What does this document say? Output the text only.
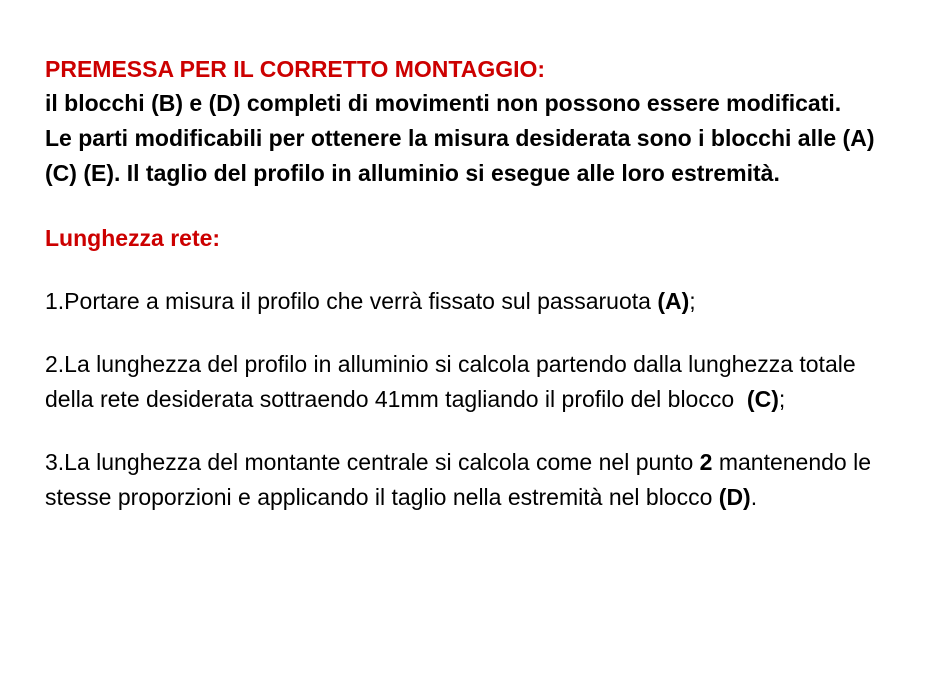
PREMESSA PER IL CORRETTO MONTAGGIO:

il blocchi (B) e (D) completi di movimenti non possono essere modificati.

Le parti modificabili per ottenere la misura desiderata sono i blocchi alle (A) (C) (E). Il taglio del profilo in alluminio si esegue alle loro estremità.

Lunghezza rete:

1.Portare a misura il profilo che verrà fissato sul passaruota (A);

2.La lunghezza del profilo in alluminio si calcola partendo dalla lunghezza totale della rete desiderata sottraendo 41mm tagliando il profilo del blocco  (C);

3.La lunghezza del montante centrale si calcola come nel punto 2 mantenendo le stesse proporzioni e applicando il taglio nella estremità nel blocco (D).
